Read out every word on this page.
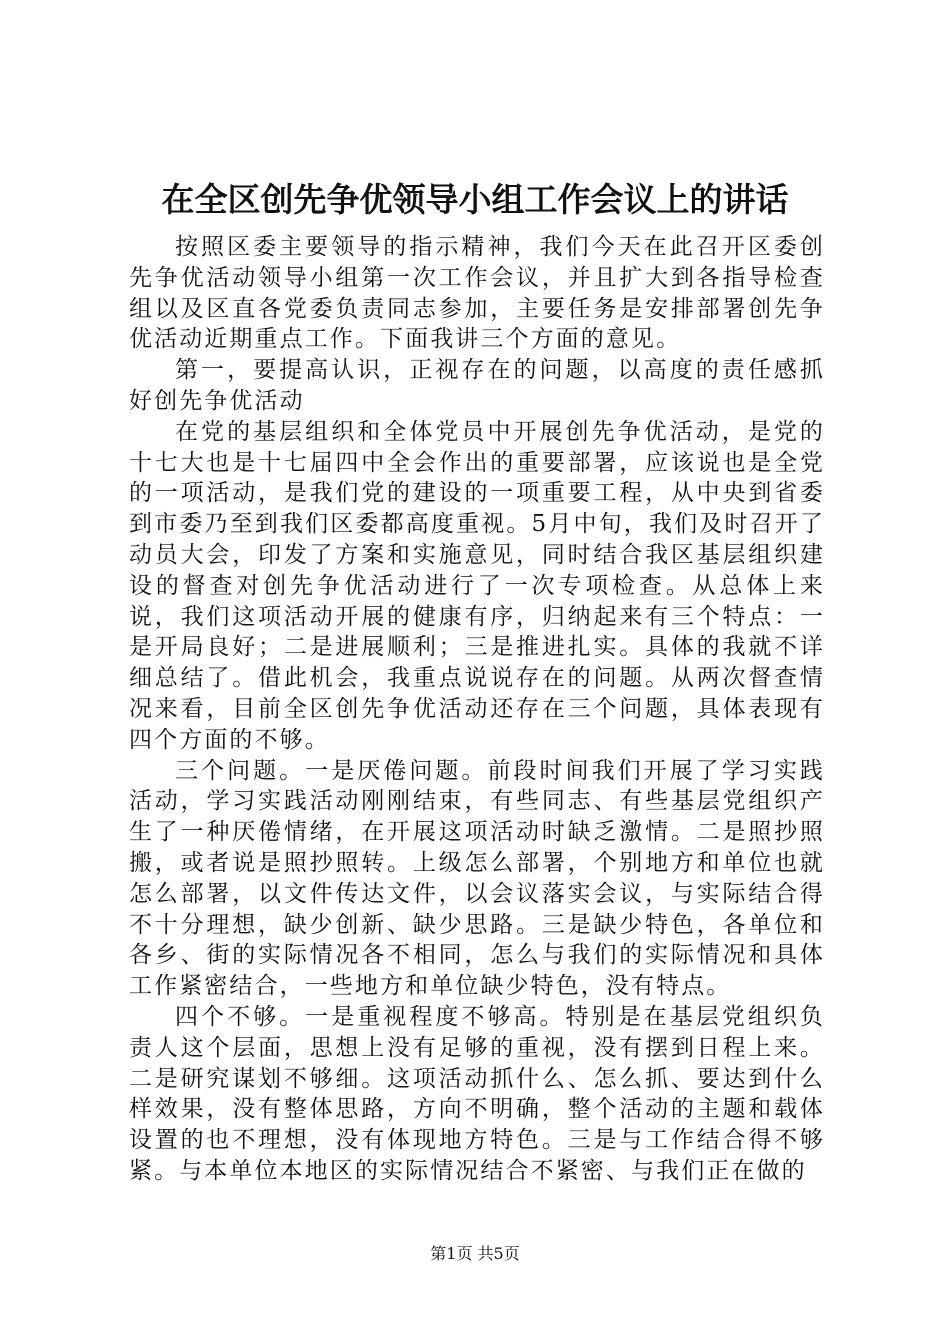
在全区创先争优领导小组工作会议上的讲话

按照区委主要领导的指示精神，我们今天在此召开区委创先争优活动领导小组第一次工作会议，并且扩大到各指导检查组以及区直各党委负责同志参加，主要任务是安排部署创先争优活动近期重点工作。下面我讲三个方面的意见。

第一，要提高认识，正视存在的问题，以高度的责任感抓好创先争优活动

在党的基层组织和全体党员中开展创先争优活动，是党的十七大也是十七届四中全会作出的重要部署，应该说也是全党的一项活动，是我们党的建设的一项重要工程，从中央到省委到市委乃至到我们区委都高度重视。5月中旬，我们及时召开了动员大会，印发了方案和实施意见，同时结合我区基层组织建设的督查对创先争优活动进行了一次专项检查。从总体上来说，我们这项活动开展的健康有序，归纳起来有三个特点：一是开局良好；二是进展顺利；三是推进扎实。具体的我就不详细总结了。借此机会，我重点说说存在的问题。从两次督查情况来看，目前全区创先争优活动还存在三个问题，具体表现有四个方面的不够。

三个问题。一是厌倦问题。前段时间我们开展了学习实践活动，学习实践活动刚刚结束，有些同志、有些基层党组织产生了一种厌倦情绪，在开展这项活动时缺乏激情。二是照抄照搬，或者说是照抄照转。上级怎么部署，个别地方和单位也就怎么部署，以文件传达文件，以会议落实会议，与实际结合得不十分理想，缺少创新、缺少思路。三是缺少特色，各单位和各乡、街的实际情况各不相同，怎么与我们的实际情况和具体工作紧密结合，一些地方和单位缺少特色，没有特点。

四个不够。一是重视程度不够高。特别是在基层党组织负责人这个层面，思想上没有足够的重视，没有摆到日程上来。二是研究谋划不够细。这项活动抓什么、怎么抓、要达到什么样效果，没有整体思路，方向不明确，整个活动的主题和载体设置的也不理想，没有体现地方特色。三是与工作结合得不够紧。与本单位本地区的实际情况结合不紧密、与我们正在做的

第1页 共5页
